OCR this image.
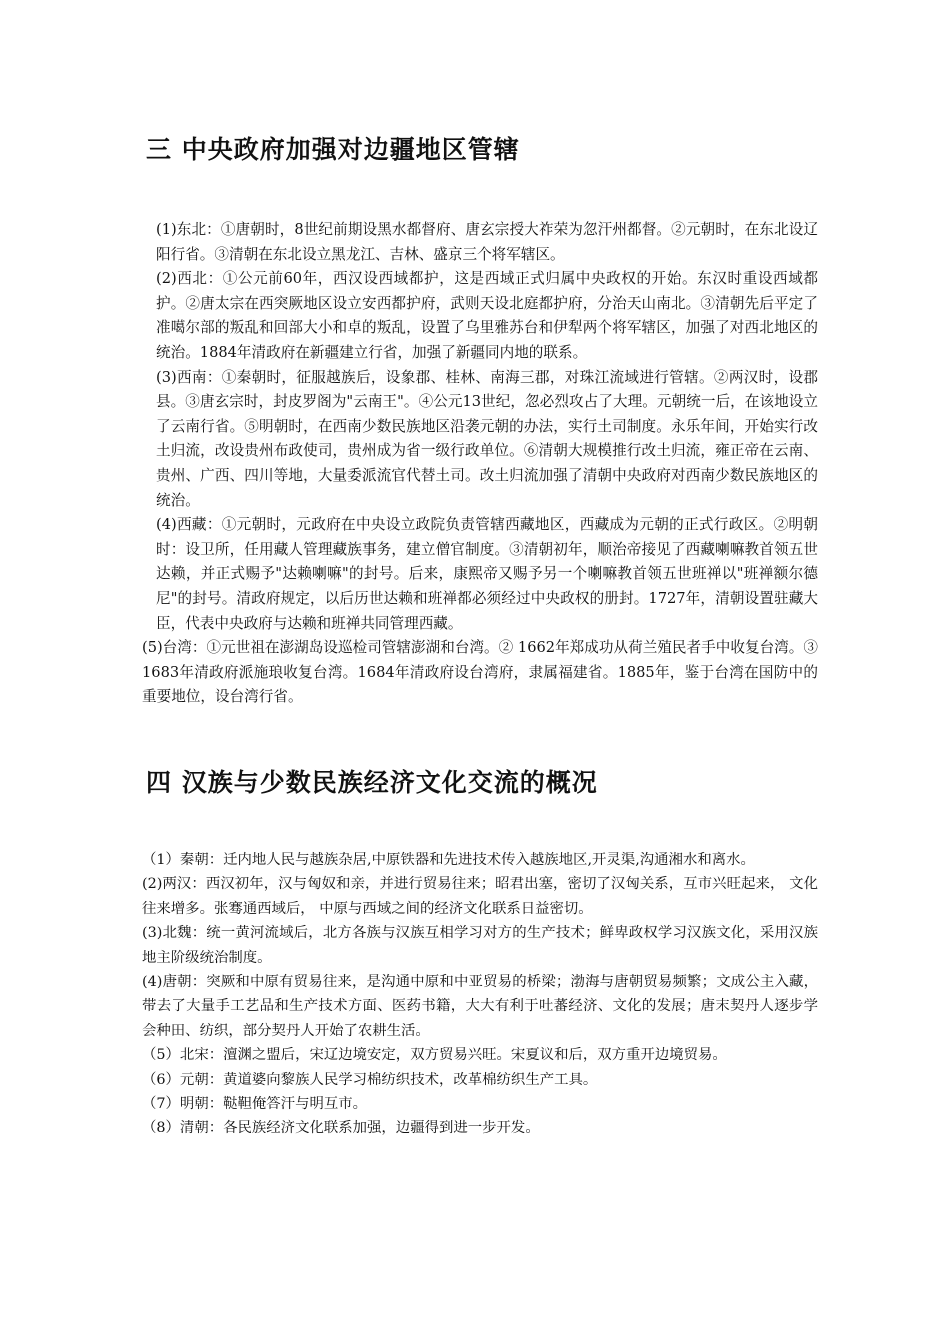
三 中央政府加强对边疆地区管辖

(1)东北：①唐朝时，8世纪前期设黑水都督府、唐玄宗授大祚荣为忽汗州都督。②元朝时，在东北设辽阳行省。③清朝在东北设立黑龙江、吉林、盛京三个将军辖区。

(2)西北：①公元前60年，西汉设西域都护，这是西域正式归属中央政权的开始。东汉时重设西域都护。②唐太宗在西突厥地区设立安西都护府，武则天设北庭都护府，分治天山南北。③清朝先后平定了准噶尔部的叛乱和回部大小和卓的叛乱，设置了乌里雅苏台和伊犁两个将军辖区，加强了对西北地区的统治。1884年清政府在新疆建立行省，加强了新疆同内地的联系。

(3)西南：①秦朝时，征服越族后，设象郡、桂林、南海三郡，对珠江流域进行管辖。②两汉时，设郡县。③唐玄宗时，封皮罗阁为"云南王"。④公元13世纪，忽必烈攻占了大理。元朝统一后，在该地设立了云南行省。⑤明朝时，在西南少数民族地区沿袭元朝的办法，实行土司制度。永乐年间，开始实行改土归流，改设贵州布政使司，贵州成为省一级行政单位。⑥清朝大规模推行改土归流，雍正帝在云南、贵州、广西、四川等地，大量委派流官代替土司。改土归流加强了清朝中央政府对西南少数民族地区的统治。

(4)西藏：①元朝时，元政府在中央设立政院负责管辖西藏地区，西藏成为元朝的正式行政区。②明朝时：设卫所，任用藏人管理藏族事务，建立僧官制度。③清朝初年，顺治帝接见了西藏喇嘛教首领五世达赖，并正式赐予"达赖喇嘛"的封号。后来，康熙帝又赐予另一个喇嘛教首领五世班禅以"班禅额尔德尼"的封号。清政府规定，以后历世达赖和班禅都必须经过中央政权的册封。1727年，清朝设置驻藏大臣，代表中央政府与达赖和班禅共同管理西藏。

(5)台湾：①元世祖在澎湖岛设巡检司管辖澎湖和台湾。② 1662年郑成功从荷兰殖民者手中收复台湾。③ 1683年清政府派施琅收复台湾。1684年清政府设台湾府，隶属福建省。1885年，鉴于台湾在国防中的重要地位，设台湾行省。

四 汉族与少数民族经济文化交流的概况

（1）秦朝：迁内地人民与越族杂居,中原铁器和先进技术传入越族地区,开灵渠,沟通湘水和离水。

(2)两汉：西汉初年，汉与匈奴和亲，并进行贸易往来；昭君出塞，密切了汉匈关系，互市兴旺起来， 文化往来增多。张骞通西域后， 中原与西域之间的经济文化联系日益密切。

(3)北魏：统一黄河流域后，北方各族与汉族互相学习对方的生产技术；鲜卑政权学习汉族文化，采用汉族地主阶级统治制度。

(4)唐朝：突厥和中原有贸易往来，是沟通中原和中亚贸易的桥梁；渤海与唐朝贸易频繁；文成公主入藏，带去了大量手工艺品和生产技术方面、医药书籍，大大有利于吐蕃经济、文化的发展；唐末契丹人逐步学会种田、纺织，部分契丹人开始了农耕生活。

（5）北宋：澶渊之盟后，宋辽边境安定，双方贸易兴旺。宋夏议和后，双方重开边境贸易。

（6）元朝：黄道婆向黎族人民学习棉纺织技术，改革棉纺织生产工具。

（7）明朝：鞑靼俺答汗与明互市。

（8）清朝：各民族经济文化联系加强，边疆得到进一步开发。
